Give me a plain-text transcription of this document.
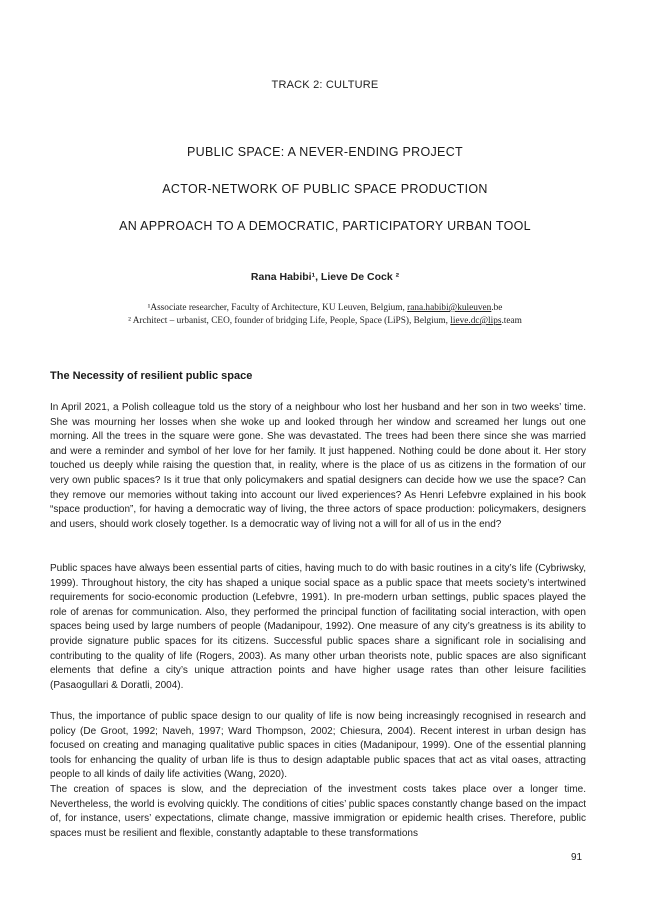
TRACK 2: CULTURE
PUBLIC SPACE: A NEVER-ENDING PROJECT
ACTOR-NETWORK OF PUBLIC SPACE PRODUCTION
AN APPROACH TO A DEMOCRATIC, PARTICIPATORY URBAN TOOL
Rana Habibi¹, Lieve De Cock ²
¹Associate researcher, Faculty of Architecture, KU Leuven, Belgium, rana.habibi@kuleuven.be
² Architect – urbanist, CEO, founder of bridging Life, People, Space (LiPS), Belgium, lieve.dc@lips.team
The Necessity of resilient public space

In April 2021, a Polish colleague told us the story of a neighbour who lost her husband and her son in two weeks’ time. She was mourning her losses when she woke up and looked through her window and screamed her lungs out one morning. All the trees in the square were gone. She was devastated. The trees had been there since she was married and were a reminder and symbol of her love for her family. It just happened. Nothing could be done about it. Her story touched us deeply while raising the question that, in reality, where is the place of us as citizens in the formation of our very own public spaces? Is it true that only policymakers and spatial designers can decide how we use the space? Can they remove our memories without taking into account our lived experiences? As Henri Lefebvre explained in his book “space production”, for having a democratic way of living, the three actors of space production: policymakers, designers and users, should work closely together. Is a democratic way of living not a will for all of us in the end?

Public spaces have always been essential parts of cities, having much to do with basic routines in a city’s life (Cybriwsky, 1999). Throughout history, the city has shaped a unique social space as a public space that meets society’s intertwined requirements for socio-economic production (Lefebvre, 1991). In pre-modern urban settings, public spaces played the role of arenas for communication. Also, they performed the principal function of facilitating social interaction, with open spaces being used by large numbers of people (Madanipour, 1992). One measure of any city’s greatness is its ability to provide signature public spaces for its citizens. Successful public spaces share a significant role in socialising and contributing to the quality of life (Rogers, 2003). As many other urban theorists note, public spaces are also significant elements that define a city’s unique attraction points and have higher usage rates than other leisure facilities (Pasaogullari & Doratli, 2004).

Thus, the importance of public space design to our quality of life is now being increasingly recognised in research and policy (De Groot, 1992; Naveh, 1997; Ward Thompson, 2002; Chiesura, 2004). Recent interest in urban design has focused on creating and managing qualitative public spaces in cities (Madanipour, 1999). One of the essential planning tools for enhancing the quality of urban life is thus to design adaptable public spaces that act as vital oases, attracting people to all kinds of daily life activities (Wang, 2020).

The creation of spaces is slow, and the depreciation of the investment costs takes place over a longer time. Nevertheless, the world is evolving quickly. The conditions of cities’ public spaces constantly change based on the impact of, for instance, users’ expectations, climate change, massive immigration or epidemic health crises. Therefore, public spaces must be resilient and flexible, constantly adaptable to these transformations

91
